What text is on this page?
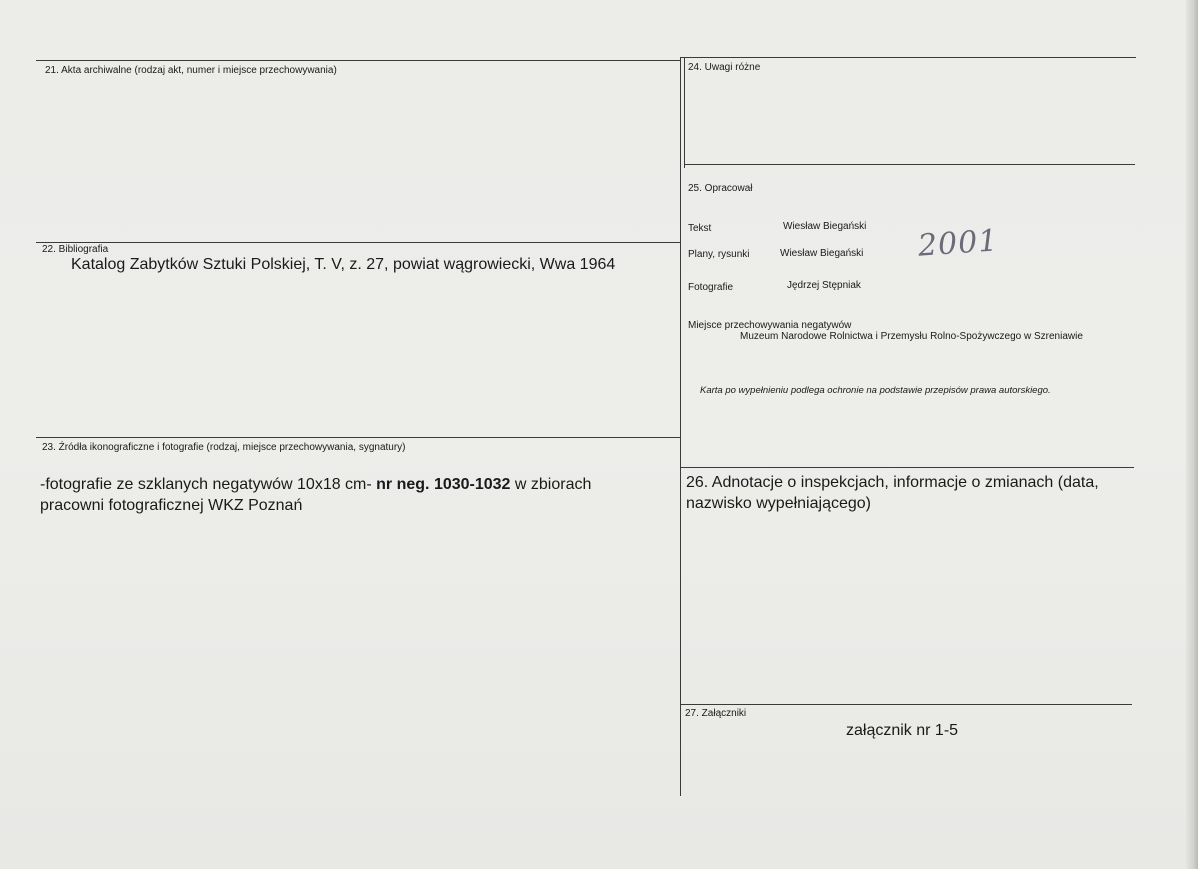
21. Akta archiwalne (rodzaj akt, numer i miejsce przechowywania)
22. Bibliografia
Katalog Zabytków Sztuki Polskiej, T. V, z. 27, powiat wągrowiecki, Wwa 1964
23. Źródła ikonograficzne i fotografie (rodzaj, miejsce przechowywania, sygnatury)
-fotografie ze szklanych negatywów 10x18 cm- nr neg. 1030-1032 w zbiorach
pracowni fotograficznej WKZ Poznań
24. Uwagi różne
25. Opracował
Tekst	Wiesław Biegański
Plany, rysunki	Wiesław Biegański 2001
Fotografie	Jędrzej Stępniak
Miejsce przechowywania negatywów
Muzeum Narodowe Rolnictwa i Przemysłu Rolno-Spożywczego w Szreniawie
Karta po wypełnieniu podlega ochronie na podstawie przepisów prawa autorskiego.
26. Adnotacje o inspekcjach, informacje o zmianach (data,
nazwisko wypełniającego)
27. Załączniki
załącznik nr 1-5
